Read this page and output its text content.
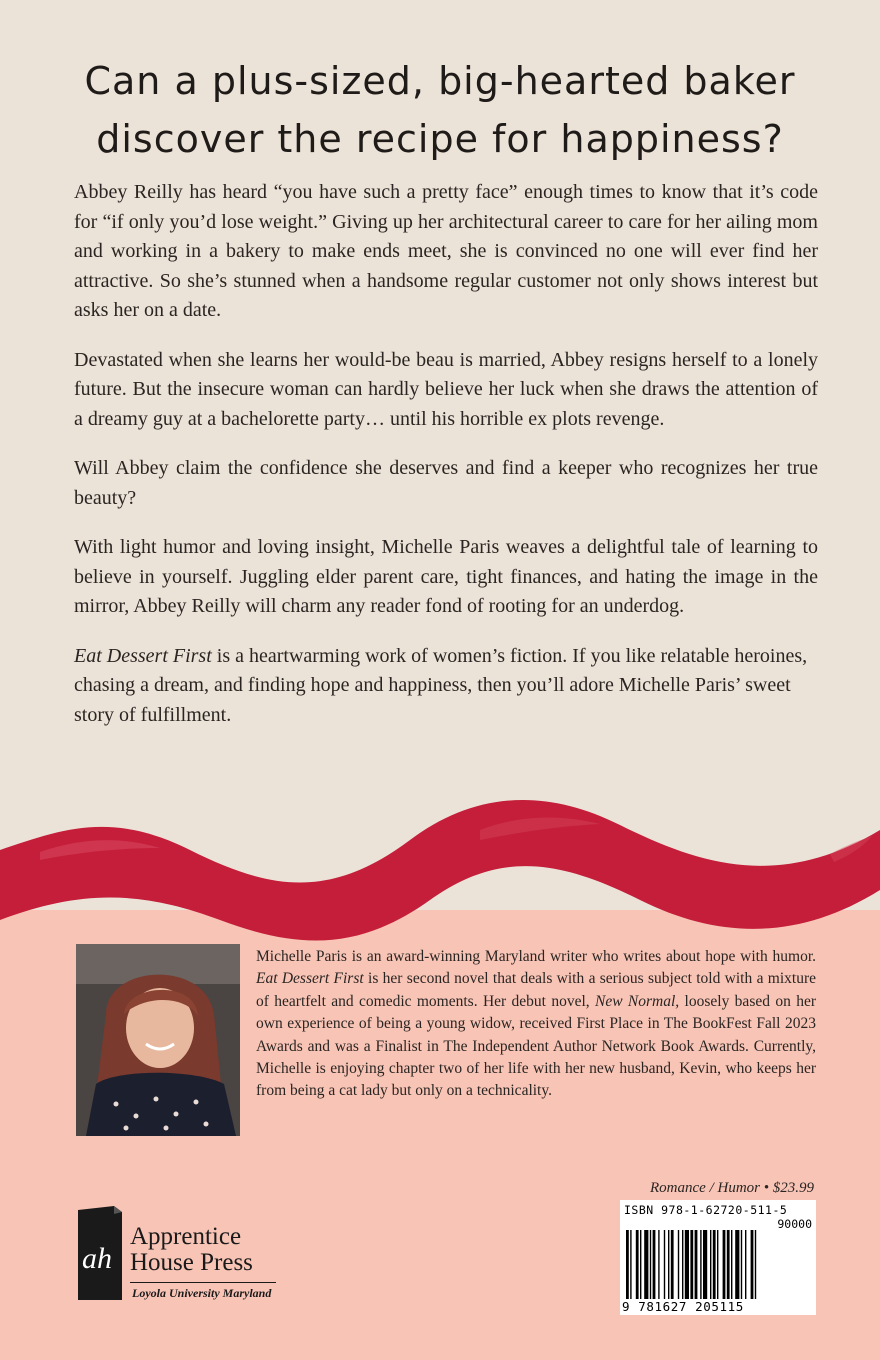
Can a plus-sized, big-hearted baker discover the recipe for happiness?

Abbey Reilly has heard “you have such a pretty face” enough times to know that it’s code for “if only you’d lose weight.” Giving up her architectural career to care for her ailing mom and working in a bakery to make ends meet, she is convinced no one will ever find her attractive. So she’s stunned when a handsome regular customer not only shows interest but asks her on a date.

Devastated when she learns her would-be beau is married, Abbey resigns herself to a lonely future. But the insecure woman can hardly believe her luck when she draws the attention of a dreamy guy at a bachelorette party… until his horrible ex plots revenge.

Will Abbey claim the confidence she deserves and find a keeper who recognizes her true beauty?

With light humor and loving insight, Michelle Paris weaves a delightful tale of learning to believe in yourself. Juggling elder parent care, tight finances, and hating the image in the mirror, Abbey Reilly will charm any reader fond of rooting for an underdog.

Eat Dessert First is a heartwarming work of women’s fiction. If you like relatable heroines, chasing a dream, and finding hope and happiness, then you’ll adore Michelle Paris’ sweet story of fulfillment.

Michelle Paris is an award-winning Maryland writer who writes about hope with humor. Eat Dessert First is her second novel that deals with a serious subject told with a mixture of heartfelt and comedic moments. Her debut novel, New Normal, loosely based on her own experience of being a young widow, received First Place in The BookFest Fall 2023 Awards and was a Finalist in The Independent Author Network Book Awards. Currently, Michelle is enjoying chapter two of her life with her new husband, Kevin, who keeps her from being a cat lady but only on a technicality.

Romance / Humor • $23.99
ISBN 978-1-62720-511-5
90000
9 781627 205115
ah
Apprentice
House Press
Loyola University Maryland
